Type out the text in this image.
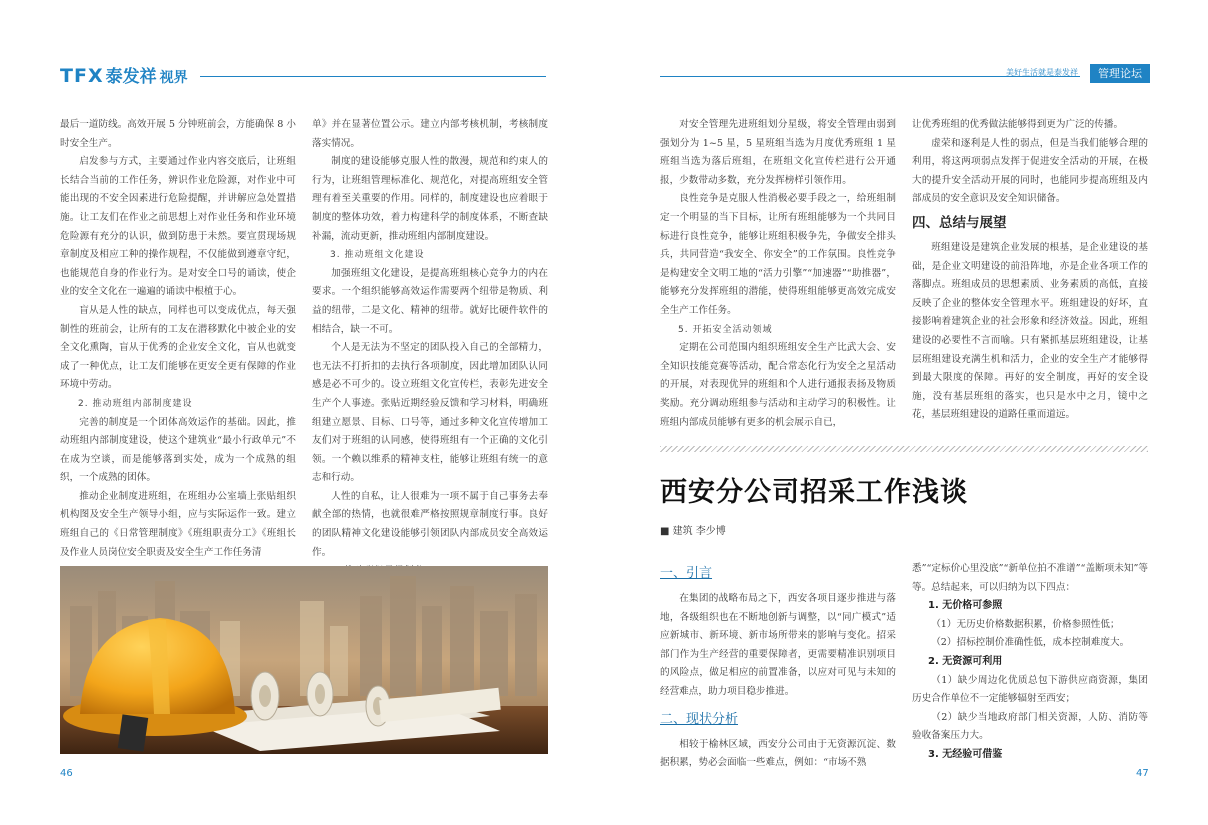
TFX 泰发祥 视界	美好生活就是泰发祥	管理论坛

最后一道防线。高效开展 5 分钟班前会，方能确保 8 小时安全生产。

启发参与方式，主要通过作业内容交底后，让班组长结合当前的工作任务，辨识作业危险源，对作业中可能出现的不安全因素进行危险提醒，并讲解应急处置措施。让工友们在作业之前思想上对作业任务和作业环境危险源有充分的认识，做到防患于未然。要宣贯现场规章制度及相应工种的操作规程，不仅能做到遵章守纪，也能规范自身的作业行为。是对安全口号的诵读，使企业的安全文化在一遍遍的诵读中根植于心。

盲从是人性的缺点，同样也可以变成优点，每天强制性的班前会，让所有的工友在潜移默化中被企业的安全文化熏陶，盲从于优秀的企业安全文化，盲从也就变成了一种优点，让工友们能够在更安全更有保障的作业环境中劳动。

2. 推动班组内部制度建设

完善的制度是一个团体高效运作的基础。因此，推动班组内部制度建设，使这个建筑业“最小行政单元”不在成为空谈，而是能够落到实处，成为一个成熟的组织，一个成熟的团体。

推动企业制度进班组，在班组办公室墙上张贴组织机构图及安全生产领导小组，应与实际运作一致。建立班组自己的《日常管理制度》《班组职责分工》《班组长及作业人员岗位安全职责及安全生产工作任务清

单》并在显著位置公示。建立内部考核机制，考核制度落实情况。

制度的建设能够克服人性的散漫，规范和约束人的行为，让班组管理标准化、规范化，对提高班组安全管理有着至关重要的作用。同样的，制度建设也应着眼于制度的整体功效，着力构建科学的制度体系，不断查缺补漏，流动更新，推动班组内部制度建设。

3. 推动班组文化建设

加强班组文化建设，是提高班组核心竞争力的内在要求。一个组织能够高效运作需要两个纽带是物质、利益的纽带，二是文化、精神的纽带。就好比硬件软件的相结合，缺一不可。

个人是无法为不坚定的团队投入自己的全部精力，也无法不打折扣的去执行各项制度，因此增加团队认同感是必不可少的。设立班组文化宣传栏，表彰先进安全生产个人事迹。张贴近期经验反馈和学习材料，明确班组建立愿景、目标、口号等，通过多种文化宣传增加工友们对于班组的认同感，使得班组有一个正确的文化引领。一个赖以维系的精神支柱，能够让班组有统一的意志和行动。

人性的自私，让人很难为一项不属于自己事务去奉献全部的热情，也就很难严格按照规章制度行事。良好的团队精神文化建设能够引领团队内部成员安全高效运作。

对安全管理先进班组划分星级，将安全管理由弱到强划分为 1~5 星，5 星班组当选为月度优秀班组 1 星班组当选为落后班组，在班组文化宣传栏进行公开通报，少数带动多数，充分发挥榜样引领作用。

良性竞争是克服人性消极必要手段之一，给班组制定一个明显的当下目标，让所有班组能够为一个共同目标进行良性竞争，能够让班组积极争先，争做安全排头兵，共同营造“我安全、你安全”的工作氛围。良性竞争是构建安全文明工地的“活力引擎”“加速器”“助推器”，能够充分发挥班组的潜能，使得班组能够更高效完成安全生产工作任务。

5. 开拓安全活动领域

定期在公司范围内组织班组安全生产比武大会、安全知识技能竞赛等活动，配合常态化行为安全之星活动的开展，对表现优异的班组和个人进行通报表扬及物质奖励。充分调动班组参与活动和主动学习的积极性。让班组内部成员能够有更多的机会展示自已，

让优秀班组的优秀做法能够得到更为广泛的传播。

虚荣和逐利是人性的弱点，但是当我们能够合理的利用，将这两项弱点发挥于促进安全活动的开展，在极大的提升安全活动开展的同时，也能同步提高班组及内部成员的安全意识及安全知识储备。

四、总结与展望

班组建设是建筑企业发展的根基，是企业建设的基础，是企业文明建设的前沿阵地，亦是企业各项工作的落脚点。班组成员的思想素质、业务素质的高低，直接反映了企业的整体安全管理水平。班组建设的好坏，直接影响着建筑企业的社会形象和经济效益。因此，班组建设的必要性不言而喻。只有紧抓基层班组建设，让基层班组建设充满生机和活力，企业的安全生产才能够得到最大限度的保障。再好的安全制度，再好的安全设施，没有基层班组的落实，也只是水中之月，镜中之花，基层班组建设的道路任重而道远。

西安分公司招采工作浅谈
■ 建筑 李少博
一、引言

在集团的战略布局之下，西安各项目逐步推进与落地，各级组织也在不断地创新与调整，以“同广模式”适应新城市、新环境、新市场所带来的影响与变化。招采部门作为生产经营的重要保障者，更需要精准识别项目的风险点，做足相应的前置准备，以应对可见与未知的经营难点，助力项目稳步推进。

二、现状分析

相较于榆林区域，西安分公司由于无资源沉淀、数据积累，势必会面临一些难点，例如：“市场不熟

悉”“定标价心里没底”“新单位拍不准谱”“盖断项未知”等等。总结起来，可以归纳为以下四点：

1. 无价格可参照

（1）无历史价格数据积累，价格参照性低；

（2）招标控制价准确性低，成本控制难度大。

2. 无资源可利用

（1）缺少周边化优质总包下游供应商资源，集团历史合作单位不一定能够辐射至西安；

（2）缺少当地政府部门相关资源，人防、消防等验收备案压力大。

3. 无经验可借鉴
46	47
